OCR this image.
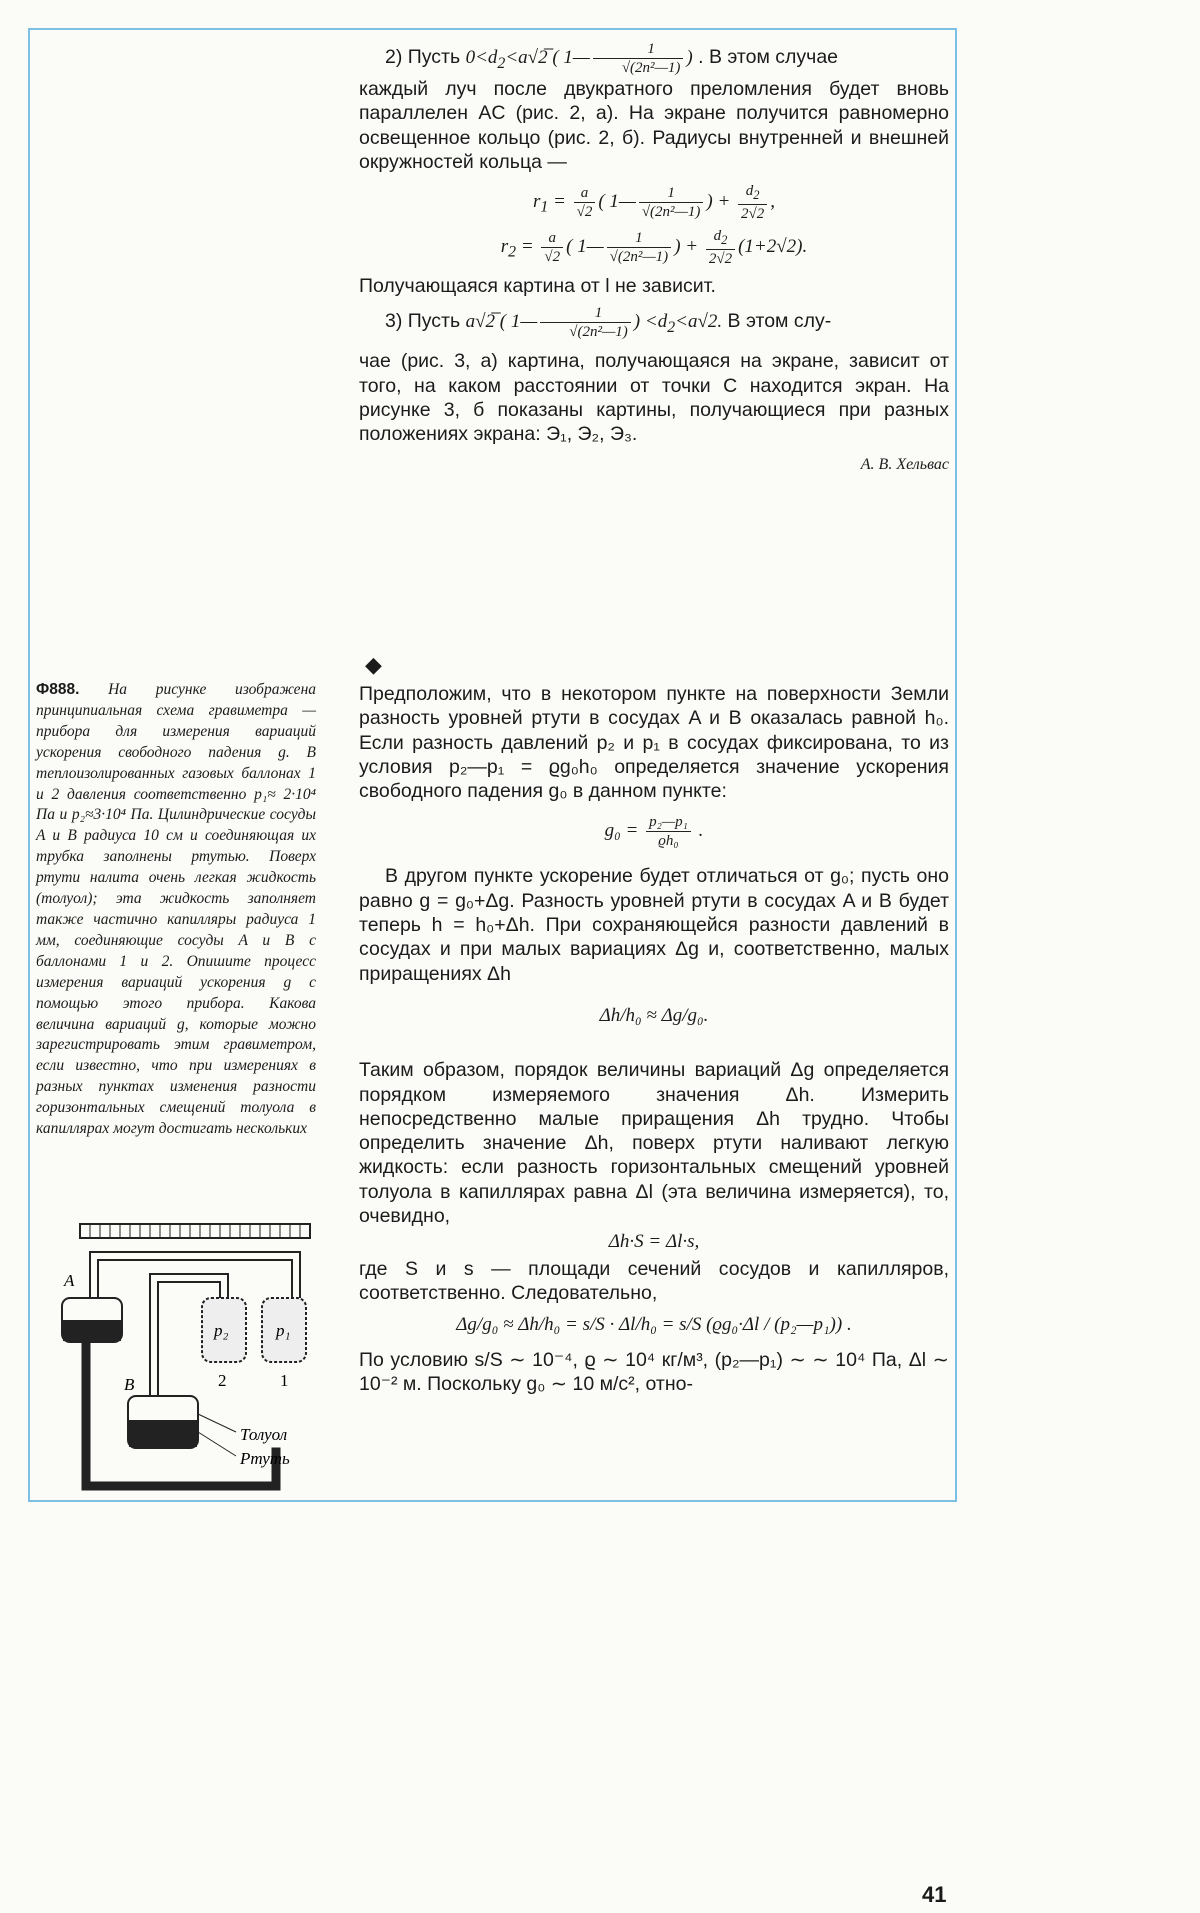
2) Пусть $0<d_2<a√2̅$ ( 1— $\frac{1}{\text{√(2n²—1)}}$ ) . В этом случае

каждый луч после двукратного преломления будет вновь параллелен AC (рис. 2, a). На экране получится равномерно освещенное кольцо (рис. 2, б). Радиусы внутренней и внешней окружностей кольца —

$r_1 = \frac{a}{√2}$ ( 1— $\frac{1}{\text{√(2n²—1)}}$ ) + $\frac{d_2}{2√2}$ ,
$r_2 = \frac{a}{√2}$ ( 1— $\frac{1}{\text{√(2n²—1)}}$ ) + $\frac{d_2}{2√2} (1+2√2)$.

Получающаяся картина от l не зависит.

3) Пусть a√2̅ ( 1— $\frac{1}{\text{√(2n²—1)}}$ ) $<d_2<a√2$. В этом слу-

чае (рис. 3, a) картина, получающаяся на экране, зависит от того, на каком расстоянии от точки C находится экран. На рисунке 3, б показаны картины, получающиеся при разных положениях экрана: Э₁, Э₂, Э₃.

А. В. Хельвас

◆
Ф888. На рисунке изображена принципиальная схема гравиметра — прибора для измерения вариаций ускорения свободного падения g. В теплоизолированных газовых баллонах 1 и 2 давления соответственно p₁≈ 2·10⁴ Па и p₂≈3·10⁴ Па. Цилиндрические сосуды A и B радиуса 10 см и соединяющая их трубка заполнены ртутью. Поверх ртути налита очень легкая жидкость (толуол); эта жидкость заполняет также частично капилляры радиуса 1 мм, соединяющие сосуды A и B с баллонами 1 и 2. Опишите процесс измерения вариаций ускорения g с помощью этого прибора. Какова величина вариаций g, которые можно зарегистрировать этим гравиметром, если известно, что при измерениях в разных пунктах изменения разности горизонтальных смещений толуола в капиллярах могут достигать нескольких
A
B
p₂	p₁
2	1
Толуол
Ртуть

Предположим, что в некотором пункте на поверхности Земли разность уровней ртути в сосудах A и B оказалась равной h₀. Если разность давлений p₂ и p₁ в сосудах фиксирована, то из условия p₂—p₁ = ϱg₀h₀ определяется значение ускорения свободного падения g₀ в данном пункте:

$g_0 = \frac{\text{p₂—p₁}}{\text{ϱh₀}}$ .

В другом пункте ускорение будет отличаться от g₀; пусть оно равно g = g₀+Δg. Разность уровней ртути в сосудах A и B будет теперь h = h₀+Δh. При сохраняющейся разности давлений в сосудах и при малых вариациях Δg и, соответственно, малых приращениях Δh

Δh/h₀ ≈ Δg/g₀.

Таким образом, порядок величины вариаций Δg определяется порядком измеряемого значения Δh. Измерить непосредственно малые приращения Δh трудно. Чтобы определить значение Δh, поверх ртути наливают легкую жидкость: если разность горизонтальных смещений уровней толуола в капиллярах равна Δl (эта величина измеряется), то, очевидно,

Δh·S = Δl·s,

где S и s — площади сечений сосудов и капилляров, соответственно. Следовательно,

Δg/g₀ ≈ Δh/h₀ = s/S · Δl/h₀ = s/S (ϱg₀·Δl / (p₂—p₁)) .

По условию s/S ∼ 10⁻⁴, ϱ ∼ 10⁴ кг/м³, (p₂—p₁) ∼ ∼ 10⁴ Па, Δl ∼ 10⁻² м. Поскольку g₀ ∼ 10 м/с², отно-

41
